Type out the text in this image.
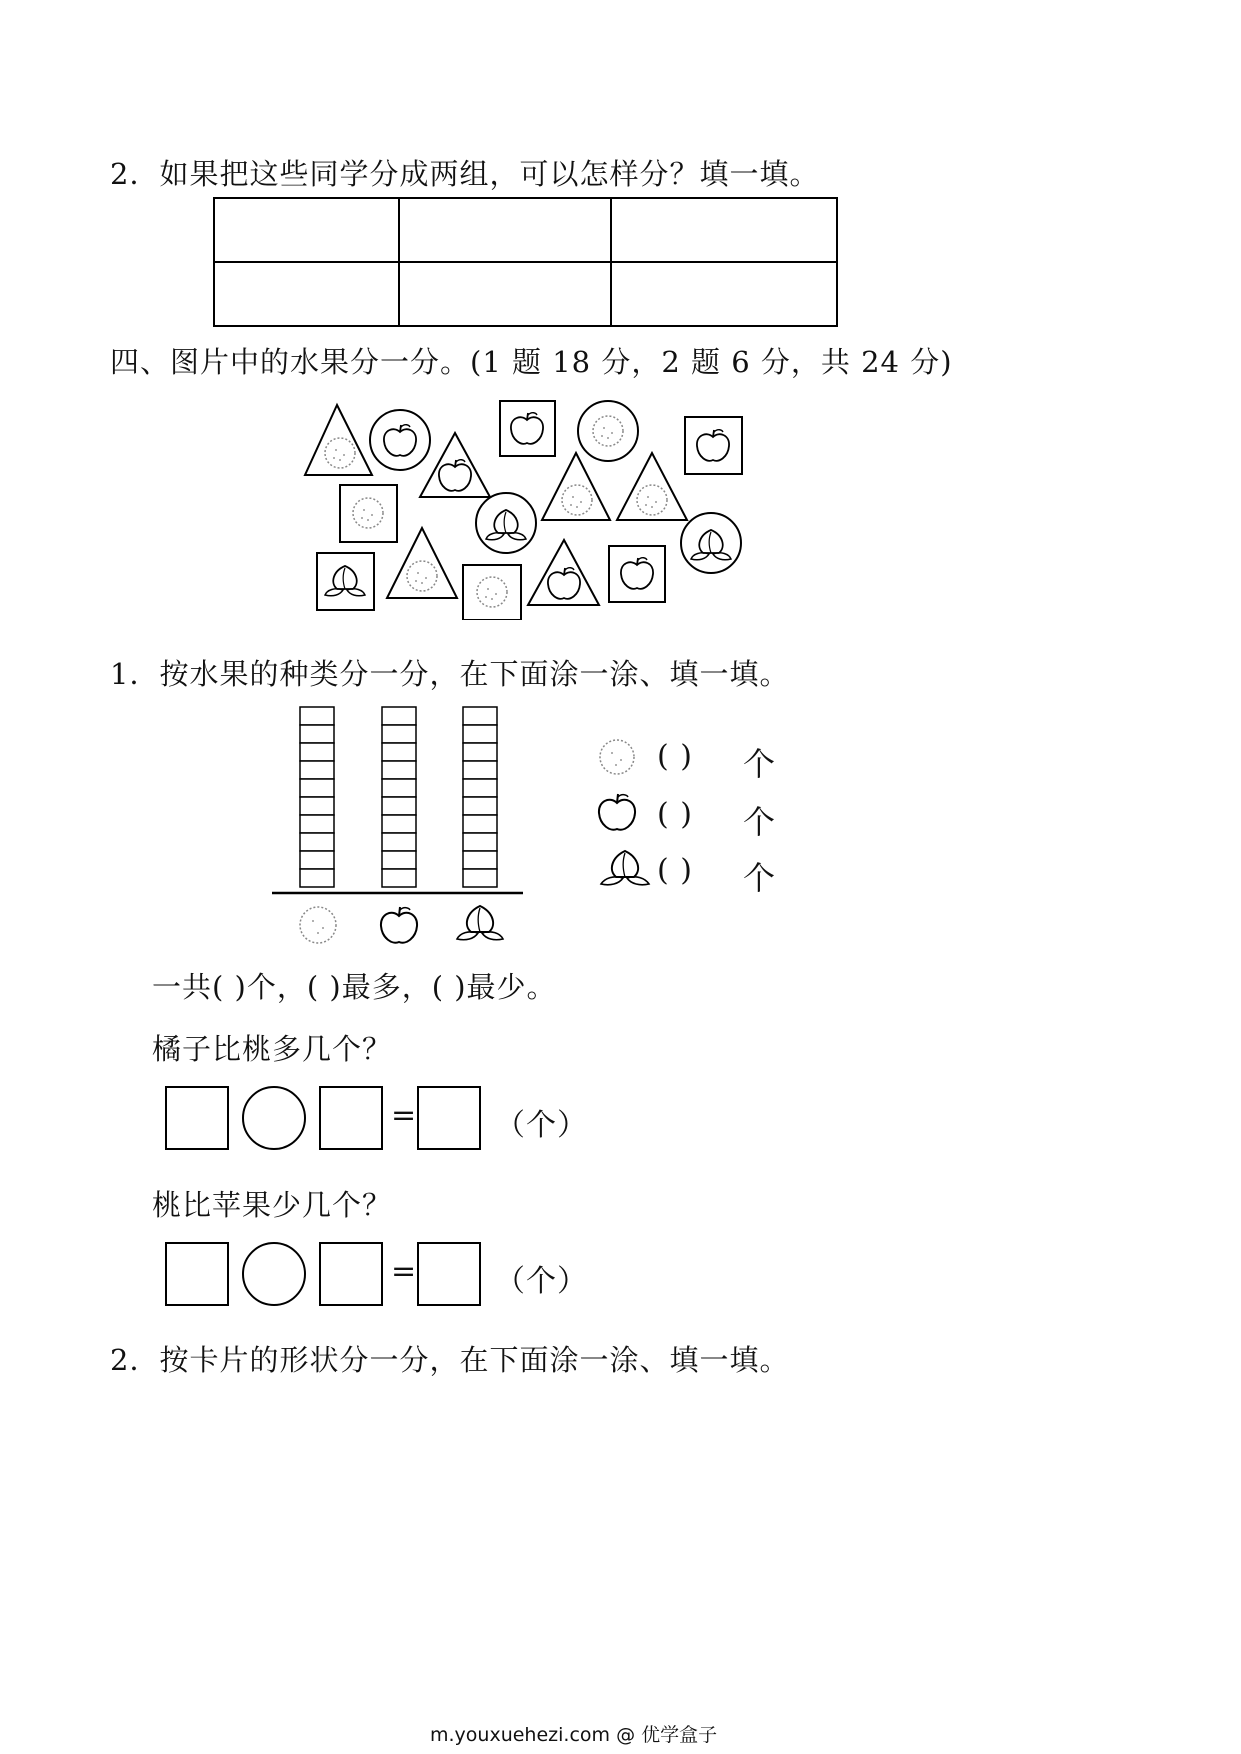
2．如果把这些同学分成两组，可以怎样分？填一填。
四、图片中的水果分一分。(1 题 18 分，2 题 6 分，共 24 分)
1．按水果的种类分一分，在下面涂一涂、填一填。
( ) 个
( ) 个
( ) 个
一共( )个，( )最多，( )最少。
橘子比桃多几个？
=	（个）
桃比苹果少几个？
=	（个）
2．按卡片的形状分一分，在下面涂一涂、填一填。
m.youxuehezi.com @ 优学盒子
